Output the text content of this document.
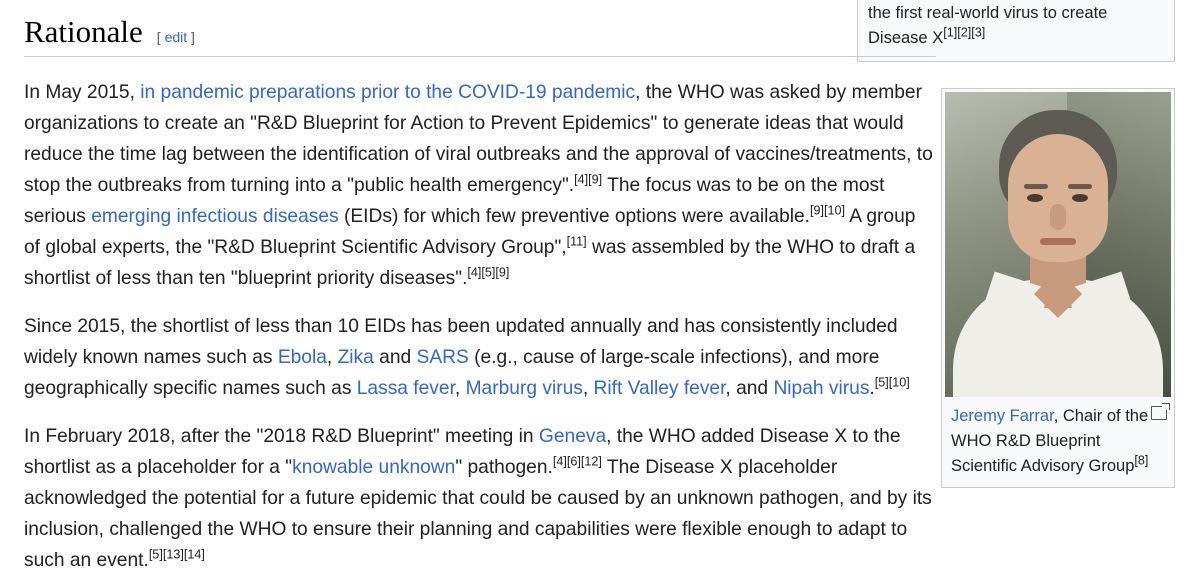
the first real-world virus to create Disease X[1][2][3]
Jeremy Farrar, Chair of the WHO R&D Blueprint Scientific Advisory Group[8]
Rationale [ edit ]

In May 2015, in pandemic preparations prior to the COVID-19 pandemic, the WHO was asked by member organizations to create an "R&D Blueprint for Action to Prevent Epidemics" to generate ideas that would reduce the time lag between the identification of viral outbreaks and the approval of vaccines/treatments, to stop the outbreaks from turning into a "public health emergency".[4][9] The focus was to be on the most serious emerging infectious diseases (EIDs) for which few preventive options were available.[9][10] A group of global experts, the "R&D Blueprint Scientific Advisory Group",[11] was assembled by the WHO to draft a shortlist of less than ten "blueprint priority diseases".[4][5][9]

Since 2015, the shortlist of less than 10 EIDs has been updated annually and has consistently included widely known names such as Ebola, Zika and SARS (e.g., cause of large-scale infections), and more geographically specific names such as Lassa fever, Marburg virus, Rift Valley fever, and Nipah virus.[5][10]

In February 2018, after the "2018 R&D Blueprint" meeting in Geneva, the WHO added Disease X to the shortlist as a placeholder for a "knowable unknown" pathogen.[4][6][12] The Disease X placeholder acknowledged the potential for a future epidemic that could be caused by an unknown pathogen, and by its inclusion, challenged the WHO to ensure their planning and capabilities were flexible enough to adapt to such an event.[5][13][14]
